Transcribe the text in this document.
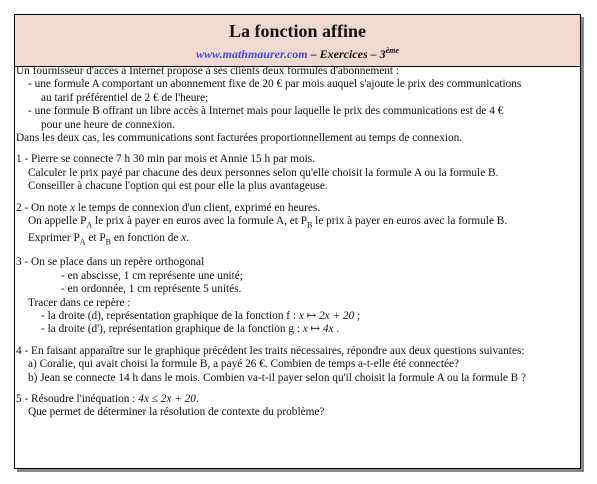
La fonction affine
www.mathmaurer.com – Exercices – 3ème

Un fournisseur d'accès à Internet propose à ses clients deux formules d'abonnement :

- une formule A comportant un abonnement fixe de 20 € par mois auquel s'ajoute le prix des communications

au tarif préférentiel de 2 € de l'heure;

- une formule B offrant un libre accès à Internet mais pour laquelle le prix des communications est de 4 €

pour une heure de connexion.

Dans les deux cas, les communications sont facturées proportionnellement au temps de connexion.

1 - Pierre se connecte 7 h 30 min par mois et Annie 15 h par mois.

Calculer le prix payé par chacune des deux personnes selon qu'elle choisit la formule A ou la formule B.

Conseiller à chacune l'option qui est pour elle la plus avantageuse.

2 - On note x le temps de connexion d'un client, exprimé en heures.

On appelle $P_A$ le prix à payer en euros avec la formule A, et $P_B$ le prix à payer en euros avec la formule B.

Exprimer $P_A$ et $P_B$ en fonction de x.

3 - On se place dans un repère orthogonal

- en abscisse, 1 cm représente une unité;

- en ordonnée, 1 cm représente 5 unités.

Tracer dans ce repère :

- la droite (d), représentation graphique de la fonction f : x ↦ 2x + 20 ;

- la droite (d'), représentation graphique de la fonction g : x ↦ 4x .

4 - En faisant apparaître sur le graphique précédent les traits nécessaires, répondre aux deux questions suivantes:

a) Coralie, qui avait choisi la formule B, a payé 26 €. Combien de temps a-t-elle été connectée?

b) Jean se connecte 14 h dans le mois. Combien va-t-il payer selon qu'il choisit la formule A ou la formule B ?

5 - Résoudre l'inéquation : 4x ≤ 2x + 20.

Que permet de déterminer la résolution de contexte du problème?
